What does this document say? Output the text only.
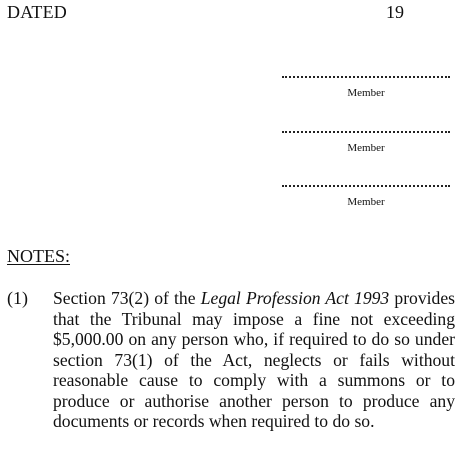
DATED	19
Member
Member
Member
NOTES:
(1) Section 73(2) of the Legal Profession Act 1993 provides that the Tribunal may impose a fine not exceeding $5,000.00 on any person who, if required to do so under section 73(1) of the Act, neglects or fails without reasonable cause to comply with a summons or to produce or authorise another person to produce any documents or records when required to do so.
